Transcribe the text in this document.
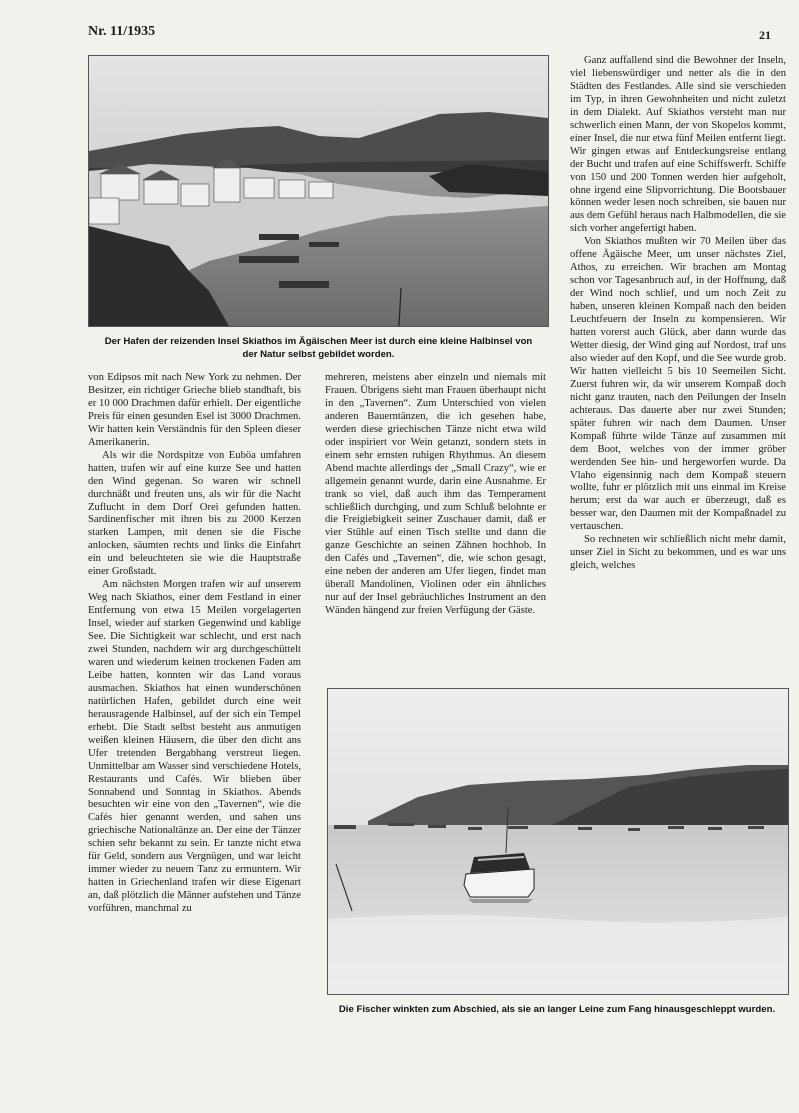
Nr. 11/1935	21
Der Hafen der reizenden Insel Skiathos im Ägäischen Meer ist durch eine kleine Halbinsel von der Natur selbst gebildet worden.

von Edipsos mit nach New York zu nehmen. Der Besitzer, ein richtiger Grieche blieb standhaft, bis er 10 000 Drachmen dafür erhielt. Der eigentliche Preis für einen gesunden Esel ist 3000 Drachmen. Wir hatten kein Verständnis für den Spleen dieser Amerikanerin.

Als wir die Nordspitze von Euböa umfahren hatten, trafen wir auf eine kurze See und hatten den Wind gegenan. So waren wir schnell durchnäßt und freuten uns, als wir für die Nacht Zuflucht in dem Dorf Orei gefunden hatten. Sardinenfischer mit ihren bis zu 2000 Kerzen starken Lampen, mit denen sie die Fische anlocken, säumten rechts und links die Einfahrt ein und beleuchteten sie wie die Hauptstraße einer Großstadt.

Am nächsten Morgen trafen wir auf unserem Weg nach Skiathos, einer dem Festland in einer Entfernung von etwa 15 Meilen vorgelagerten Insel, wieder auf starken Gegenwind und kablige See. Die Sichtigkeit war schlecht, und erst nach zwei Stunden, nachdem wir arg durchgeschüttelt waren und wiederum keinen trockenen Faden am Leibe hatten, konnten wir das Land voraus ausmachen. Skiathos hat einen wunderschönen natürlichen Hafen, gebildet durch eine weit herausragende Halbinsel, auf der sich ein Tempel erhebt. Die Stadt selbst besteht aus anmutigen weißen kleinen Häusern, die über den dicht ans Ufer tretenden Bergabhang verstreut liegen. Unmittelbar am Wasser sind verschiedene Hotels, Restaurants und Cafés. Wir blieben über Sonnabend und Sonntag in Skiathos. Abends besuchten wir eine von den „Tavernen“, wie die Cafés hier genannt werden, und sahen uns griechische Nationaltänze an. Der eine der Tänzer schien sehr bekannt zu sein. Er tanzte nicht etwa für Geld, sondern aus Vergnügen, und war leicht immer wieder zu neuem Tanz zu ermuntern. Wir hatten in Griechenland trafen wir diese Eigenart an, daß plötzlich die Männer aufstehen und Tänze vorführen, manchmal zu

mehreren, meistens aber einzeln und niemals mit Frauen. Übrigens sieht man Frauen überhaupt nicht in den „Tavernen“. Zum Unterschied von vielen anderen Bauerntänzen, die ich gesehen habe, werden diese griechischen Tänze nicht etwa wild oder inspiriert vor Wein getanzt, sondern stets in einem sehr ernsten ruhigen Rhythmus. An diesem Abend machte allerdings der „Small Crazy“, wie er allgemein genannt wurde, darin eine Ausnahme. Er trank so viel, daß auch ihm das Temperament schließlich durchging, und zum Schluß belohnte er die Freigiebigkeit seiner Zuschauer damit, daß er vier Stühle auf einen Tisch stellte und dann die ganze Geschichte an seinen Zähnen hochhob. In den Cafés und „Tavernen“, die, wie schon gesagt, eine neben der anderen am Ufer liegen, findet man überall Mandolinen, Violinen oder ein ähnliches nur auf der Insel gebräuchliches Instrument an den Wänden hängend zur freien Verfügung der Gäste.

Ganz auffallend sind die Bewohner der Inseln, viel liebenswürdiger und netter als die in den Städten des Festlandes. Alle sind sie verschieden im Typ, in ihren Gewohnheiten und nicht zuletzt in dem Dialekt. Auf Skiathos versteht man nur schwerlich einen Mann, der von Skopelos kommt, einer Insel, die nur etwa fünf Meilen entfernt liegt. Wir gingen etwas auf Entdeckungsreise entlang der Bucht und trafen auf eine Schiffswerft. Schiffe von 150 und 200 Tonnen werden hier aufgeholt, ohne irgend eine Slipvorrichtung. Die Bootsbauer können weder lesen noch schreiben, sie bauen nur aus dem Gefühl heraus nach Halbmodellen, die sie sich vorher angefertigt haben.

Von Skiathos mußten wir 70 Meilen über das offene Ägäische Meer, um unser nächstes Ziel, Athos, zu erreichen. Wir brachen am Montag schon vor Tagesanbruch auf, in der Hoffnung, daß der Wind noch schlief, und um noch Zeit zu haben, unseren kleinen Kompaß nach den beiden Leuchtfeuern der Inseln zu kompensieren. Wir hatten vorerst auch Glück, aber dann wurde das Wetter diesig, der Wind ging auf Nordost, traf uns also wieder auf den Kopf, und die See wurde grob. Wir hatten vielleicht 5 bis 10 Seemeilen Sicht. Zuerst fuhren wir, da wir unserem Kompaß doch nicht ganz trauten, nach den Peilungen der Inseln achteraus. Das dauerte aber nur zwei Stunden; später fuhren wir nach dem Daumen. Unser Kompaß führte wilde Tänze auf zusammen mit dem Boot, welches von der immer gröber werdenden See hin- und hergeworfen wurde. Da Vlaho eigensinnig nach dem Kompaß steuern wollte, fuhr er plötzlich mit uns einmal im Kreise herum; erst da war auch er überzeugt, daß es besser war, den Daumen mit der Kompaßnadel zu vertauschen.

So rechneten wir schließlich nicht mehr damit, unser Ziel in Sicht zu bekommen, und es war uns gleich, welches

Die Fischer winkten zum Abschied, als sie an langer Leine zum Fang hinausgeschleppt wurden.
